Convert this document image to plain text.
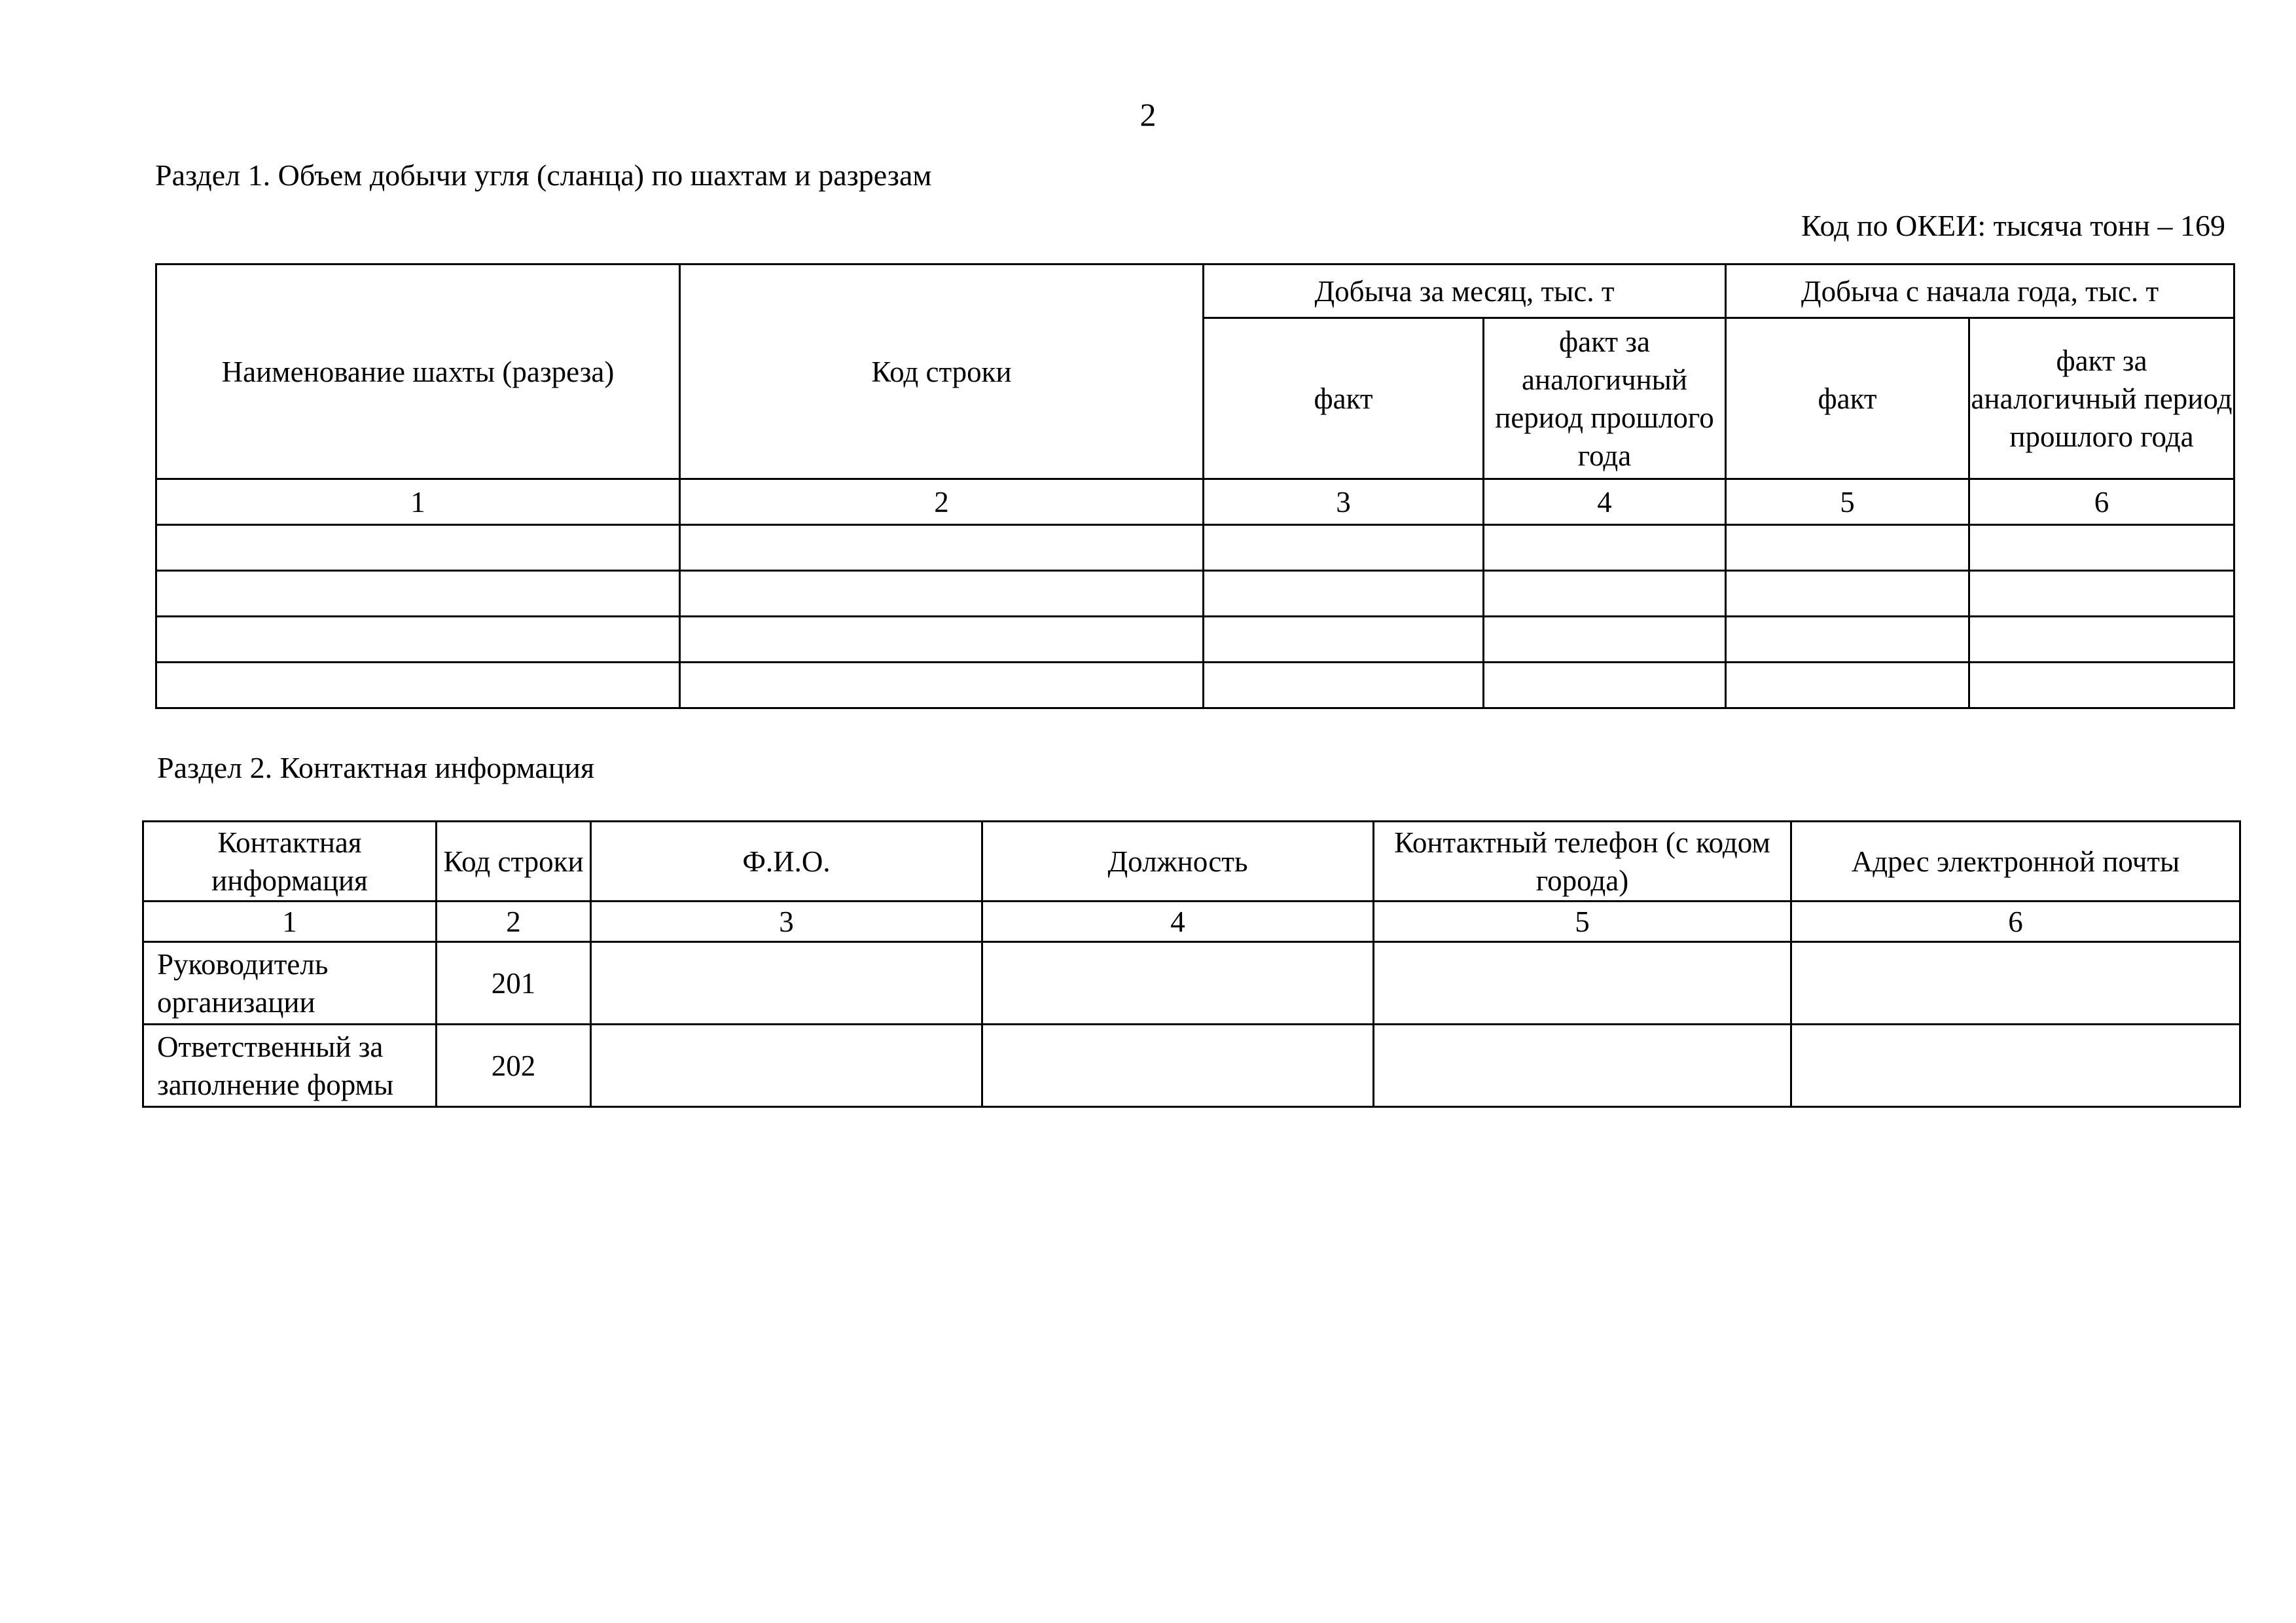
2
Раздел 1. Объем добычи угля (сланца) по шахтам и разрезам
Код по ОКЕИ: тысяча тонн – 169
Наименование шахты (разреза)	Код строки	Добыча за месяц, тыс. т		Добыча с начала года, тыс. т	
		факт	факт за аналогичный период прошлого года	факт	факт за аналогичный период прошлого года
1	2	3	4	5	6

Раздел 2. Контактная информация
Контактная информация	Код строки	Ф.И.О.	Должность	Контактный телефон (с кодом города)	Адрес электронной почты
1	2	3	4	5	6
Руководитель организации	201				
Ответственный за заполнение формы	202				
